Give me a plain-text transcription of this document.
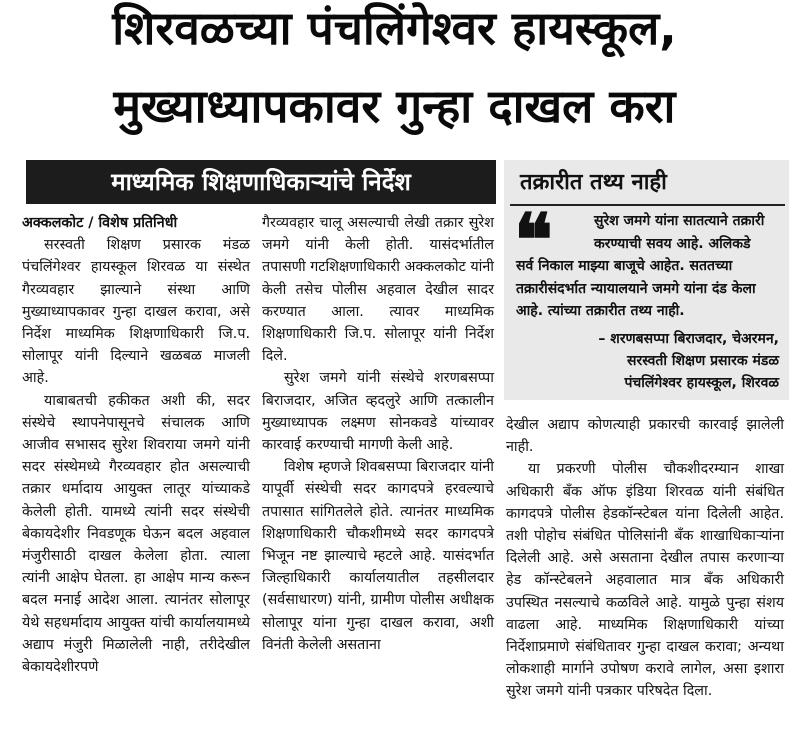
शिरवळच्या पंचलिंगेश्वर हायस्कूल,
मुख्याध्यापकावर गुन्हा दाखल करा
माध्यमिक शिक्षणाधिकाऱ्यांचे निर्देश

अक्कलकोट / विशेष प्रतिनिधी

सरस्वती शिक्षण प्रसारक मंडळ पंचलिंगेश्वर हायस्कूल शिरवळ या संस्थेत गैरव्यवहार झाल्याने संस्था आणि मुख्याध्यापकावर गुन्हा दाखल करावा, असे निर्देश माध्यमिक शिक्षणाधिकारी जि.प. सोलापूर यांनी दिल्याने खळबळ माजली आहे.

याबाबतची हकीकत अशी की, सदर संस्थेचे स्थापनेपासूनचे संचालक आणि आजीव सभासद सुरेश शिवराया जमगे यांनी सदर संस्थेमध्ये गैरव्यवहार होत असल्याची तक्रार धर्मादाय आयुक्त लातूर यांच्याकडे केलेली होती. यामध्ये त्यांनी सदर संस्थेची बेकायदेशीर निवडणूक घेऊन बदल अहवाल मंजुरीसाठी दाखल केलेला होता. त्याला त्यांनी आक्षेप घेतला. हा आक्षेप मान्य करून बदल मनाई आदेश आला. त्यानंतर सोलापूर येथे सहधर्मादाय आयुक्त यांची कार्यालयामध्ये अद्याप मंजुरी मिळालेली नाही, तरीदेखील बेकायदेशीरपणे

गैरव्यवहार चालू असल्याची लेखी तक्रार सुरेश जमगे यांनी केली होती. यासंदर्भातील तपासणी गटशिक्षणाधिकारी अक्कलकोट यांनी केली तसेच पोलीस अहवाल देखील सादर करण्यात आला. त्यावर माध्यमिक शिक्षणाधिकारी जि.प. सोलापूर यांनी निर्देश दिले.

सुरेश जमगे यांनी संस्थेचे शरणबसप्पा बिराजदार, अजित व्हदलुरे आणि तत्कालीन मुख्याध्यापक लक्ष्मण सोनकवडे यांच्यावर कारवाई करण्याची मागणी केली आहे.

विशेष म्हणजे शिवबसप्पा बिराजदार यांनी यापूर्वी संस्थेची सदर कागदपत्रे हरवल्याचे तपासात सांगितलेले होते. त्यानंतर माध्यमिक शिक्षणाधिकारी चौकशीमध्ये सदर कागदपत्रे भिजून नष्ट झाल्याचे म्हटले आहे. यासंदर्भात जिल्हाधिकारी कार्यालयातील तहसीलदार (सर्वसाधारण) यांनी, ग्रामीण पोलीस अधीक्षक सोलापूर यांना गुन्हा दाखल करावा, अशी विनंती केलेली असताना

देखील अद्याप कोणत्याही प्रकारची कारवाई झालेली नाही.

या प्रकरणी पोलीस चौकशीदरम्यान शाखा अधिकारी बँक ऑफ इंडिया शिरवळ यांनी संबंधित कागदपत्रे पोलीस हेडकॉन्स्टेबल यांना दिलेली आहेत. तशी पोहोच संबंधित पोलिसांनी बँक शाखाधिकाऱ्यांना दिलेली आहे. असे असताना देखील तपास करणाऱ्या हेड कॉन्स्टेबलने अहवालात मात्र बँक अधिकारी उपस्थित नसल्याचे कळविले आहे. यामुळे पुन्हा संशय वाढला आहे. माध्यमिक शिक्षणाधिकारी यांच्या निर्देशाप्रमाणे संबंधितावर गुन्हा दाखल करावा; अन्यथा लोकशाही मार्गाने उपोषण करावे लागेल, असा इशारा सुरेश जमगे यांनी पत्रकार परिषदेत दिला.

तक्रारीत तथ्य नाही
❝	सुरेश जमगे यांना सातत्याने तक्रारी करण्याची सवय आहे. अलिकडे
सर्व निकाल माझ्या बाजूचे आहेत. सततच्या तक्रारीसंदर्भात न्यायालयाने जमगे यांना दंड केला आहे. त्यांच्या तक्रारीत तथ्य नाही.
– शरणबसप्पा बिराजदार, चेअरमन,
सरस्वती शिक्षण प्रसारक मंडळ
पंचलिंगेश्वर हायस्कूल, शिरवळ
